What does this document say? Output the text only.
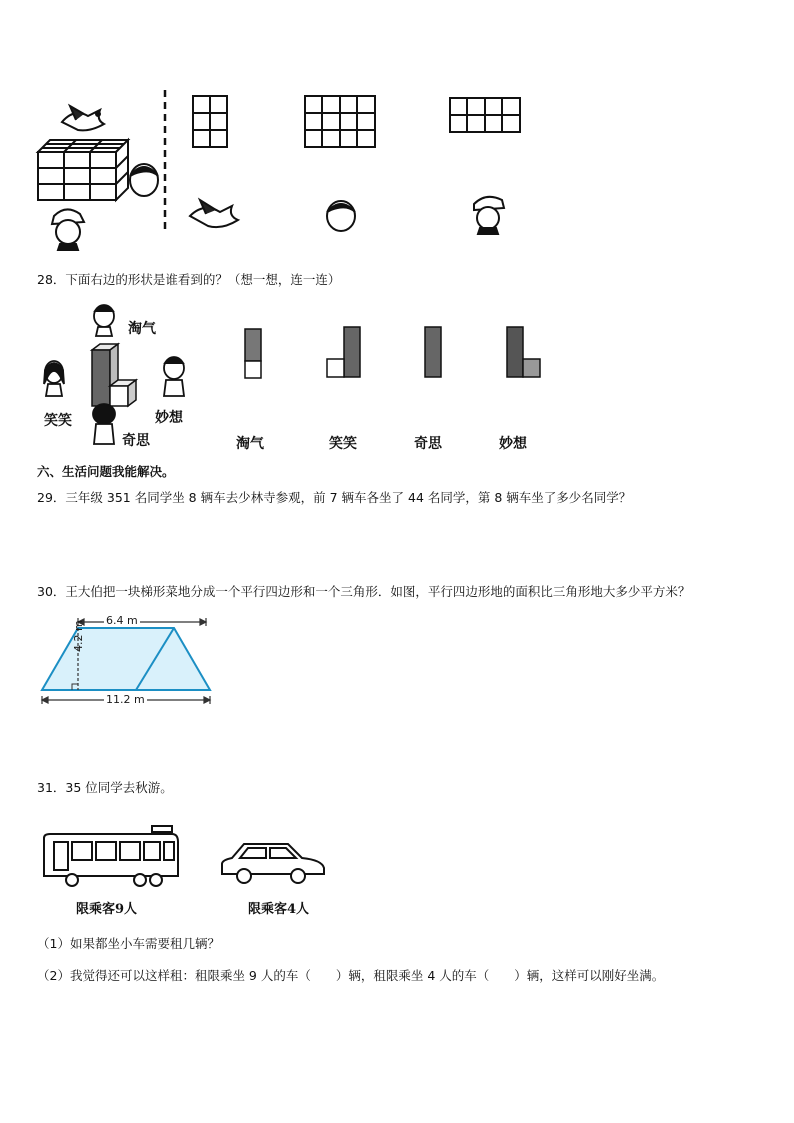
28．下面右边的形状是谁看到的？（想一想，连一连）
淘气
笑笑
奇思
妙想
淘气	笑笑	奇思	妙想
六、生活问题我能解决。
29．三年级 351 名同学坐 8 辆车去少林寺参观，前 7 辆车各坐了 44 名同学，第 8 辆车坐了多少名同学？
30．王大伯把一块梯形菜地分成一个平行四边形和一个三角形．如图，平行四边形地的面积比三角形地大多少平方米？
6.4 m
4.2 m
11.2 m
31．35 位同学去秋游。
限乘客9人	限乘客4人
（1）如果都坐小车需要租几辆？
（2）我觉得还可以这样租：租限乘坐 9 人的车（　　）辆，租限乘坐 4 人的车（　　）辆，这样可以刚好坐满。
